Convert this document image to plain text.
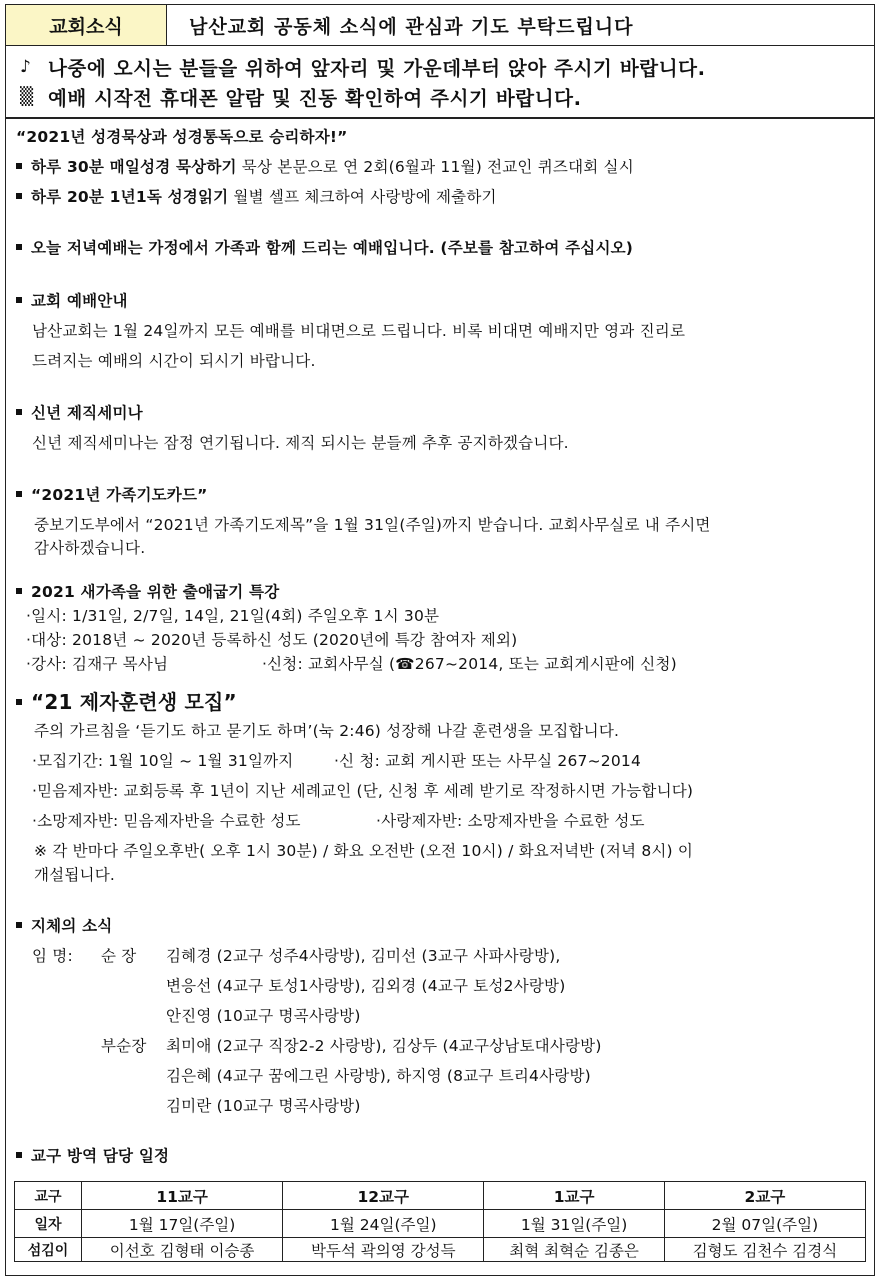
교회소식	남산교회 공동체 소식에 관심과 기도 부탁드립니다
♪ 나중에 오시는 분들을 위하여 앞자리 및 가운데부터 앉아 주시기 바랍니다.
▒ 예배 시작전 휴대폰 알람 및 진동 확인하여 주시기 바랍니다.
“2021년 성경묵상과 성경통독으로 승리하자!”
하루 30분 매일성경 묵상하기 묵상 본문으로 연 2회(6월과 11월) 전교인 퀴즈대회 실시
하루 20분 1년1독 성경읽기 월별 셀프 체크하여 사랑방에 제출하기
오늘 저녁예배는 가정에서 가족과 함께 드리는 예배입니다. (주보를 참고하여 주십시오)
교회 예배안내
남산교회는 1월 24일까지 모든 예배를 비대면으로 드립니다. 비록 비대면 예배지만 영과 진리로
드려지는 예배의 시간이 되시기 바랍니다.
신년 제직세미나
신년 제직세미나는 잠정 연기됩니다. 제직 되시는 분들께 추후 공지하겠습니다.
“2021년 가족기도카드”
중보기도부에서 “2021년 가족기도제목”을 1월 31일(주일)까지 받습니다. 교회사무실로 내 주시면
감사하겠습니다.
2021 새가족을 위한 출애굽기 특강
·일시: 1/31일, 2/7일, 14일, 21일(4회) 주일오후 1시 30분
·대상: 2018년 ~ 2020년 등록하신 성도 (2020년에 특강 참여자 제외)
·강사: 김재구 목사님	·신청: 교회사무실 (☎267~2014, 또는 교회게시판에 신청)
“21 제자훈련생 모집”
주의 가르침을 ‘듣기도 하고 묻기도 하며’(눅 2:46) 성장해 나갈 훈련생을 모집합니다.
·모집기간: 1월 10일 ~ 1월 31일까지	·신 청: 교회 게시판 또는 사무실 267~2014
·믿음제자반: 교회등록 후 1년이 지난 세례교인 (단, 신청 후 세례 받기로 작정하시면 가능합니다)
·소망제자반: 믿음제자반을 수료한 성도	·사랑제자반: 소망제자반을 수료한 성도
※ 각 반마다 주일오후반( 오후 1시 30분) / 화요 오전반 (오전 10시) / 화요저녁반 (저녁 8시) 이
개설됩니다.
지체의 소식
임 명: 순 장 김혜경 (2교구 성주4사랑방), 김미선 (3교구 사파사랑방),
변응선 (4교구 토성1사랑방), 김외경 (4교구 토성2사랑방)
안진영 (10교구 명곡사랑방)
부순장 최미애 (2교구 직장2-2 사랑방), 김상두 (4교구상남토대사랑방)
김은혜 (4교구 꿈에그린 사랑방), 하지영 (8교구 트리4사랑방)
김미란 (10교구 명곡사랑방)
교구 방역 담당 일정
교구	11교구	12교구	1교구	2교구
일자	1월 17일(주일)	1월 24일(주일)	1월 31일(주일)	2월 07일(주일)
섬김이	이선호 김형태 이승종	박두석 곽의영 강성득	최혁 최혁순 김종은	김형도 김천수 김경식
